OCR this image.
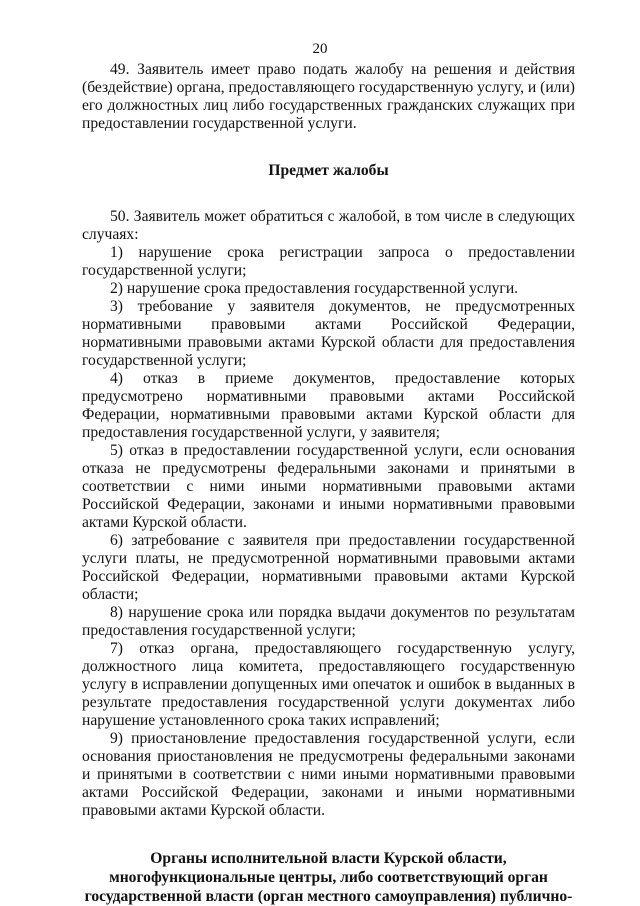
20

49. Заявитель имеет право подать жалобу на решения и действия (бездействие) органа, предоставляющего государственную услугу, и (или) его должностных лиц либо государственных гражданских служащих при предоставлении государственной услуги.

Предмет жалобы

50. Заявитель может обратиться с жалобой, в том числе в следующих случаях:

1) нарушение срока регистрации запроса о предоставлении государственной услуги;

2) нарушение срока предоставления государственной услуги.

3) требование у заявителя документов, не предусмотренных нормативными правовыми актами Российской Федерации, нормативными правовыми актами Курской области для предоставления государственной услуги;

4) отказ в приеме документов, предоставление которых предусмотрено нормативными правовыми актами Российской Федерации, нормативными правовыми актами Курской области для предоставления государственной услуги, у заявителя;

5) отказ в предоставлении государственной услуги, если основания отказа не предусмотрены федеральными законами и принятыми в соответствии с ними иными нормативными правовыми актами Российской Федерации, законами и иными нормативными правовыми актами Курской области.

6) затребование с заявителя при предоставлении государственной услуги платы, не предусмотренной нормативными правовыми актами Российской Федерации, нормативными правовыми актами Курской области;

8) нарушение срока или порядка выдачи документов по результатам предоставления государственной услуги;

7) отказ органа, предоставляющего государственную услугу, должностного лица комитета, предоставляющего государственную услугу в исправлении допущенных ими опечаток и ошибок в выданных в результате предоставления государственной услуги документах либо нарушение установленного срока таких исправлений;

9) приостановление предоставления государственной услуги, если основания приостановления не предусмотрены федеральными законами и принятыми в соответствии с ними иными нормативными правовыми актами Российской Федерации, законами и иными нормативными правовыми актами Курской области.

Органы исполнительной власти Курской области,
многофункциональные центры, либо соответствующий орган
государственной власти (орган местного самоуправления) публично-
